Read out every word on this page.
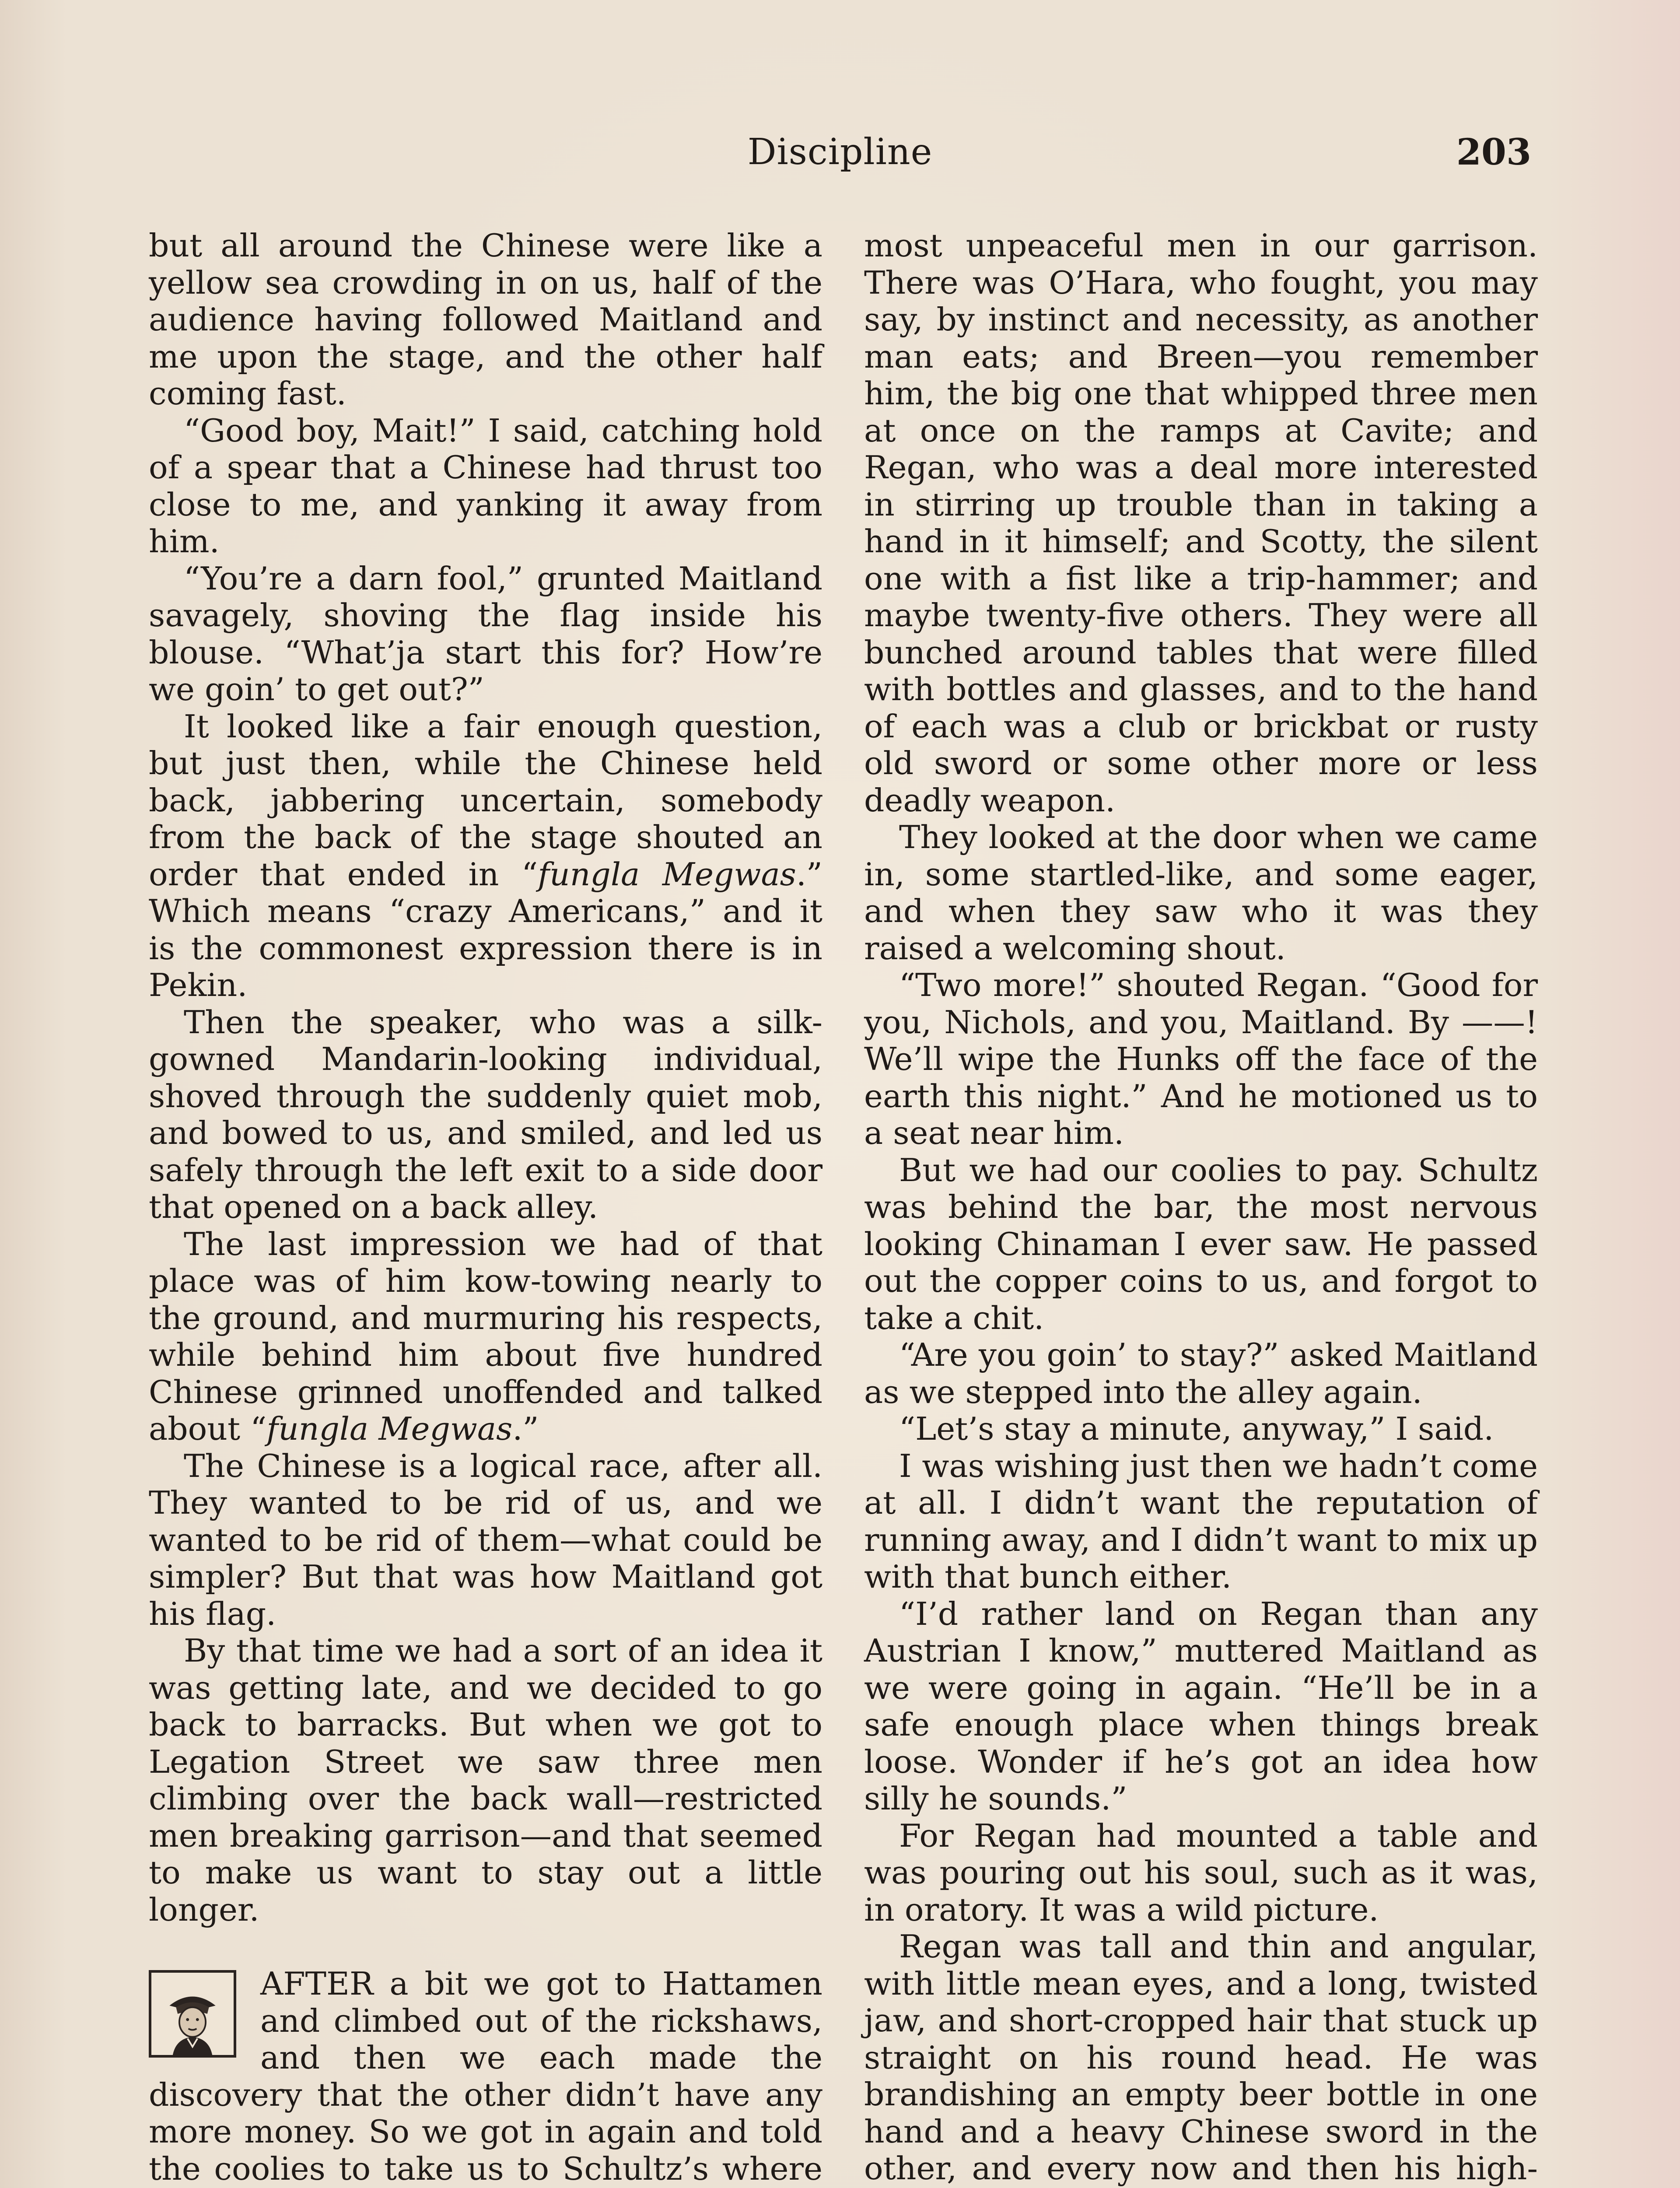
Discipline	203

but all around the Chinese were like a yellow sea crowding in on us, half of the audience having followed Maitland and me upon the stage, and the other half coming fast.

“Good boy, Mait!” I said, catching hold of a spear that a Chinese had thrust too close to me, and yanking it away from him.

“You’re a darn fool,” grunted Maitland savagely, shoving the flag inside his blouse. “What’ja start this for? How’re we goin’ to get out?”

It looked like a fair enough question, but just then, while the Chinese held back, jabbering uncertain, somebody from the back of the stage shouted an order that ended in “fungla Megwas.” Which means “crazy Americans,” and it is the commonest expression there is in Pekin.

Then the speaker, who was a silk-gowned Mandarin-looking individual, shoved through the suddenly quiet mob, and bowed to us, and smiled, and led us safely through the left exit to a side door that opened on a back alley.

The last impression we had of that place was of him kow-towing nearly to the ground, and murmuring his respects, while behind him about five hundred Chinese grinned unoffended and talked about “fungla Megwas.”

The Chinese is a logical race, after all. They wanted to be rid of us, and we wanted to be rid of them—what could be simpler? But that was how Maitland got his flag.

By that time we had a sort of an idea it was getting late, and we decided to go back to barracks. But when we got to Legation Street we saw three men climbing over the back wall—restricted men breaking garrison—and that seemed to make us want to stay out a little longer.

AFTER a bit we got to Hattamen and climbed out of the rickshaws, and then we each made the discovery that the other didn’t have any more money. So we got in again and told the coolies to take us to Schultz’s where

most unpeaceful men in our garrison. There was O’Hara, who fought, you may say, by instinct and necessity, as another man eats; and Breen—you remember him, the big one that whipped three men at once on the ramps at Cavite; and Regan, who was a deal more interested in stirring up trouble than in taking a hand in it himself; and Scotty, the silent one with a fist like a trip-hammer; and maybe twenty-five others. They were all bunched around tables that were filled with bottles and glasses, and to the hand of each was a club or brickbat or rusty old sword or some other more or less deadly weapon.

They looked at the door when we came in, some startled-like, and some eager, and when they saw who it was they raised a welcoming shout.

“Two more!” shouted Regan. “Good for you, Nichols, and you, Maitland. By ——! We’ll wipe the Hunks off the face of the earth this night.” And he motioned us to a seat near him.

But we had our coolies to pay. Schultz was behind the bar, the most nervous looking Chinaman I ever saw. He passed out the copper coins to us, and forgot to take a chit.

“Are you goin’ to stay?” asked Maitland as we stepped into the alley again.

“Let’s stay a minute, anyway,” I said.

I was wishing just then we hadn’t come at all. I didn’t want the reputation of running away, and I didn’t want to mix up with that bunch either.

“I’d rather land on Regan than any Austrian I know,” muttered Maitland as we were going in again. “He’ll be in a safe enough place when things break loose. Wonder if he’s got an idea how silly he sounds.”

For Regan had mounted a table and was pouring out his soul, such as it was, in oratory. It was a wild picture.

Regan was tall and thin and angular, with little mean eyes, and a long, twisted jaw, and short-cropped hair that stuck up straight on his round head. He was brandishing an empty beer bottle in one hand and a heavy Chinese sword in the other, and every now and then his high-
